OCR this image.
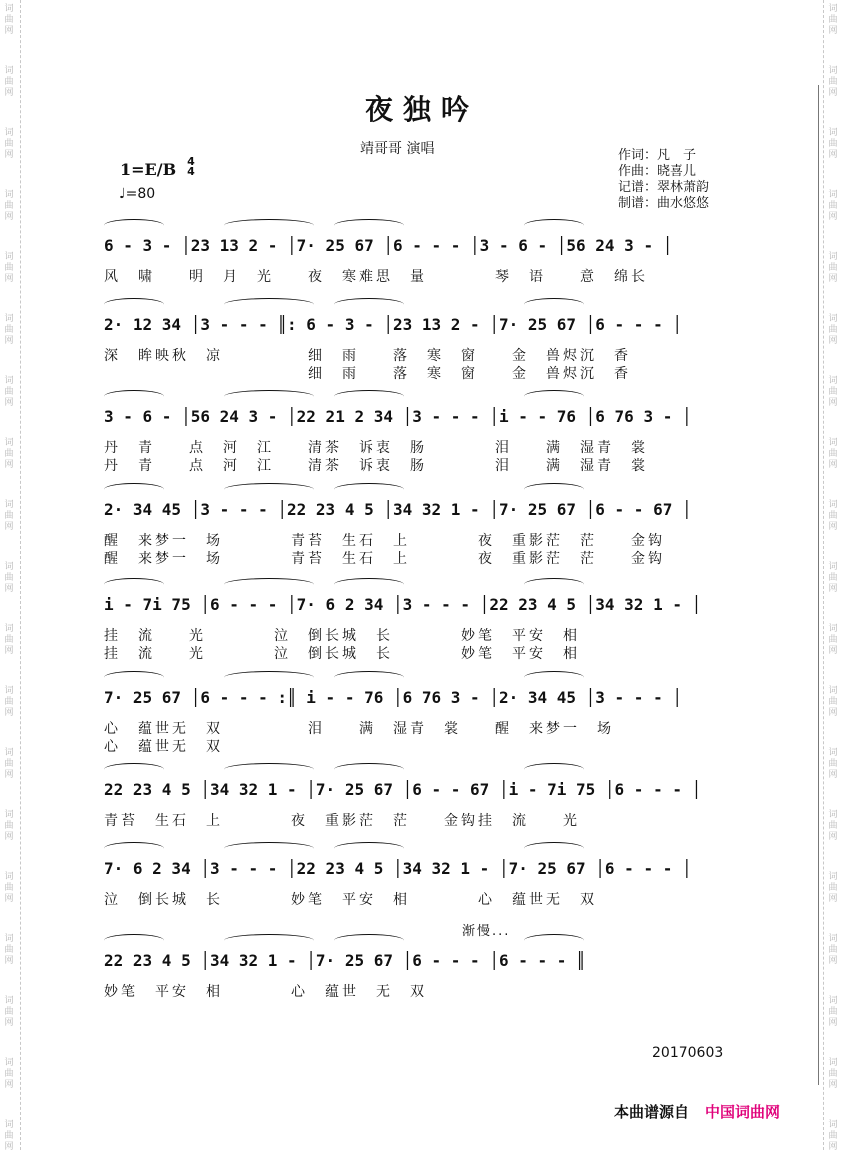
词
曲
网
词
曲
网
词
曲
网
词
曲
网
词
曲
网
词
曲
网
词
曲
网
词
曲
网
词
曲
网
词
曲
网
词
曲
网
词
曲
网
词
曲
网
词
曲
网
词
曲
网
词
曲
网
词
曲
网
词
曲
网
词
曲
网
词
曲
网
词
曲
网
词
曲
网
词
曲
网
词
曲
网
词
曲
网
词
曲
网
词
曲
网
词
曲
网
词
曲
网
词
曲
网
词
曲
网
词
曲
网
词
曲
网
词
曲
网
词
曲
网
词
曲
网
词
曲
网
词
曲
网
夜独吟
靖哥哥 演唱
1=E/B 4
4
♩=80
作词：凡　子
作曲：晓喜儿
记谱：翠林萧韵
制谱：曲水悠悠
6 - 3 - │23 13 2 - │7· 25 67 │6 - - - │3 - 6 - │56 24 3 - │
风　啸　　明　月　光　　夜　寒难思　量　　　　琴　语　　意　绵长
2· 12 34 │3 - - - ║: 6 - 3 - │23 13 2 - │7· 25 67 │6 - - - │
深　眸映秋　凉　　　　　细　雨　　落　寒　窗　　金　兽烬沉　香
　　　　　　　　　　　　细　雨　　落　寒　窗　　金　兽烬沉　香
3 - 6 - │56 24 3 - │22 21 2 34 │3 - - - │i - - 76 │6 76 3 - │
丹　青　　点　河　江　　清茶　诉衷　肠　　　　泪　　满　湿青　裳
丹　青　　点　河　江　　清茶　诉衷　肠　　　　泪　　满　湿青　裳
2· 34 45 │3 - - - │22 23 4 5 │34 32 1 - │7· 25 67 │6 - - 67 │
醒　来梦一　场　　　　青苔　生石　上　　　　夜　重影茫　茫　　金钩
醒　来梦一　场　　　　青苔　生石　上　　　　夜　重影茫　茫　　金钩
i - 7i 75 │6 - - - │7· 6 2 34 │3 - - - │22 23 4 5 │34 32 1 - │
挂　流　　光　　　　泣　倒长城　长　　　　妙笔　平安　相
挂　流　　光　　　　泣　倒长城　长　　　　妙笔　平安　相
7· 25 67 │6 - - - :║ i - - 76 │6 76 3 - │2· 34 45 │3 - - - │
心　蕴世无　双　　　　　泪　　满　湿青　裳　　醒　来梦一　场
心　蕴世无　双
22 23 4 5 │34 32 1 - │7· 25 67 │6 - - 67 │i - 7i 75 │6 - - - │
青苔　生石　上　　　　夜　重影茫　茫　　金钩挂　流　　光
7· 6 2 34 │3 - - - │22 23 4 5 │34 32 1 - │7· 25 67 │6 - - - │
泣　倒长城　长　　　　妙笔　平安　相　　　　心　蕴世无　双
22 23 4 5 │34 32 1 - │7· 25 67 │6 - - - │6 - - - ║
妙笔　平安　相　　　　心　蕴世　无　双
渐慢...
20170603
本曲谱源自 中国词曲网
